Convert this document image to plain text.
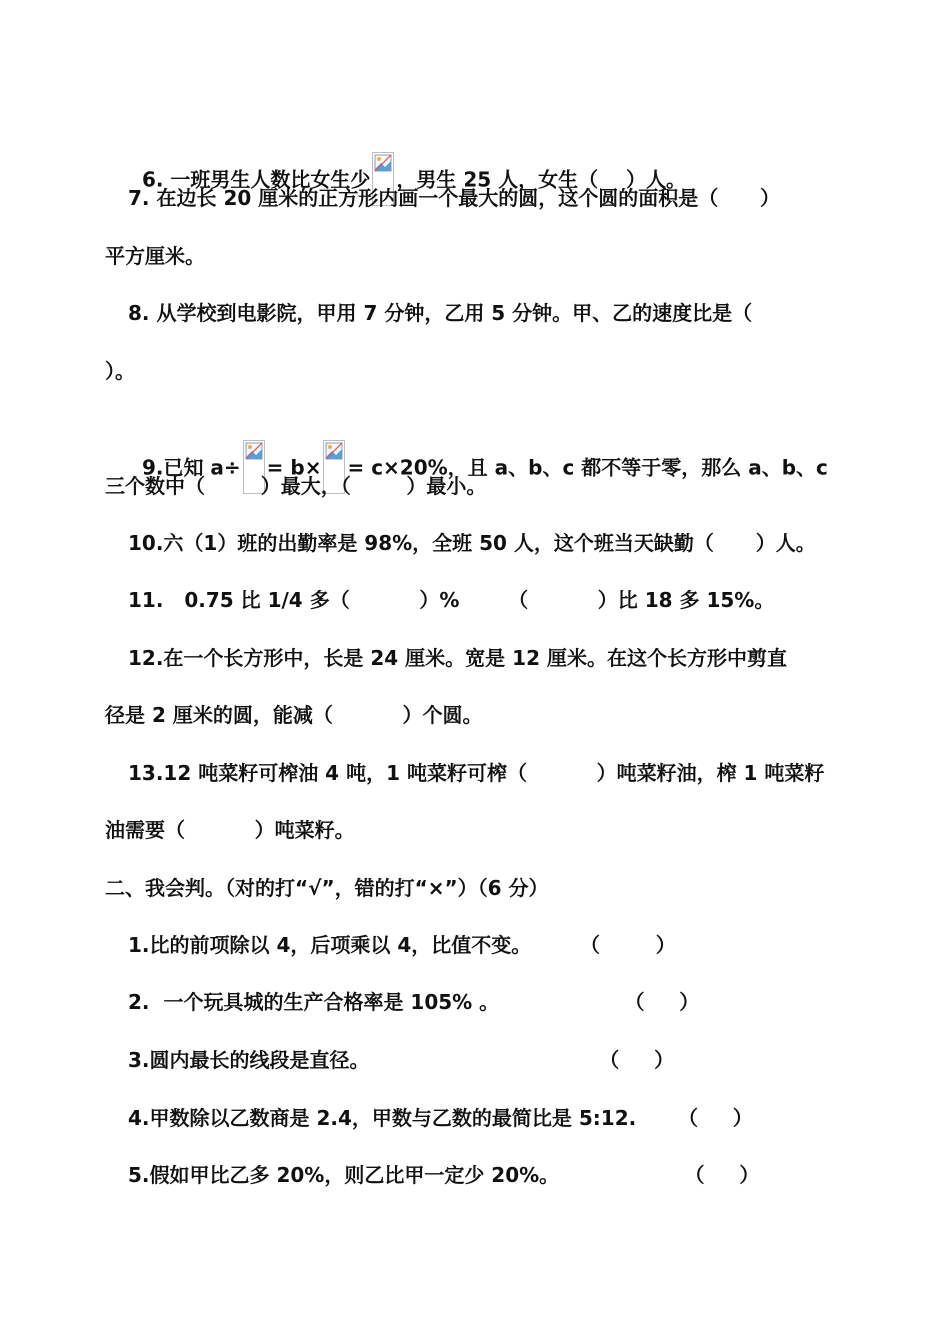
6. 一班男生人数比女生少 ，男生 25 人，女生（    ）人。

7. 在边长 20 厘米的正方形内画一个最大的圆，这个圆的面积是（      ）
平方厘米。
8. 从学校到电影院，甲用 7 分钟，乙用 5 分钟。甲、乙的速度比是（
）。

9.已知 a÷ = b× = c×20%，且 a、b、c 都不等于零，那么 a、b、c

三个数中（        ）最大，（        ）最小。
10.六（1）班的出勤率是 98%，全班 50 人，这个班当天缺勤（      ）人。
11.   0.75 比 1/4 多（          ）%       （          ）比 18 多 15%。
12.在一个长方形中，长是 24 厘米。宽是 12 厘米。在这个长方形中剪直
径是 2 厘米的圆，能减（          ）个圆。
13.12 吨菜籽可榨油 4 吨，1 吨菜籽可榨（          ）吨菜籽油，榨 1 吨菜籽
油需要（          ）吨菜籽。
二、我会判。（对的打“√”，错的打“×”）（6 分）
1.比的前项除以 4，后项乘以 4，比值不变。       （        ）
2.  一个玩具城的生产合格率是 105% 。                  （     ）
3.圆内最长的线段是直径。                                 （     ）
4.甲数除以乙数商是 2.4，甲数与乙数的最简比是 5:12.      （     ）
5.假如甲比乙多 20%，则乙比甲一定少 20%。                  （     ）
